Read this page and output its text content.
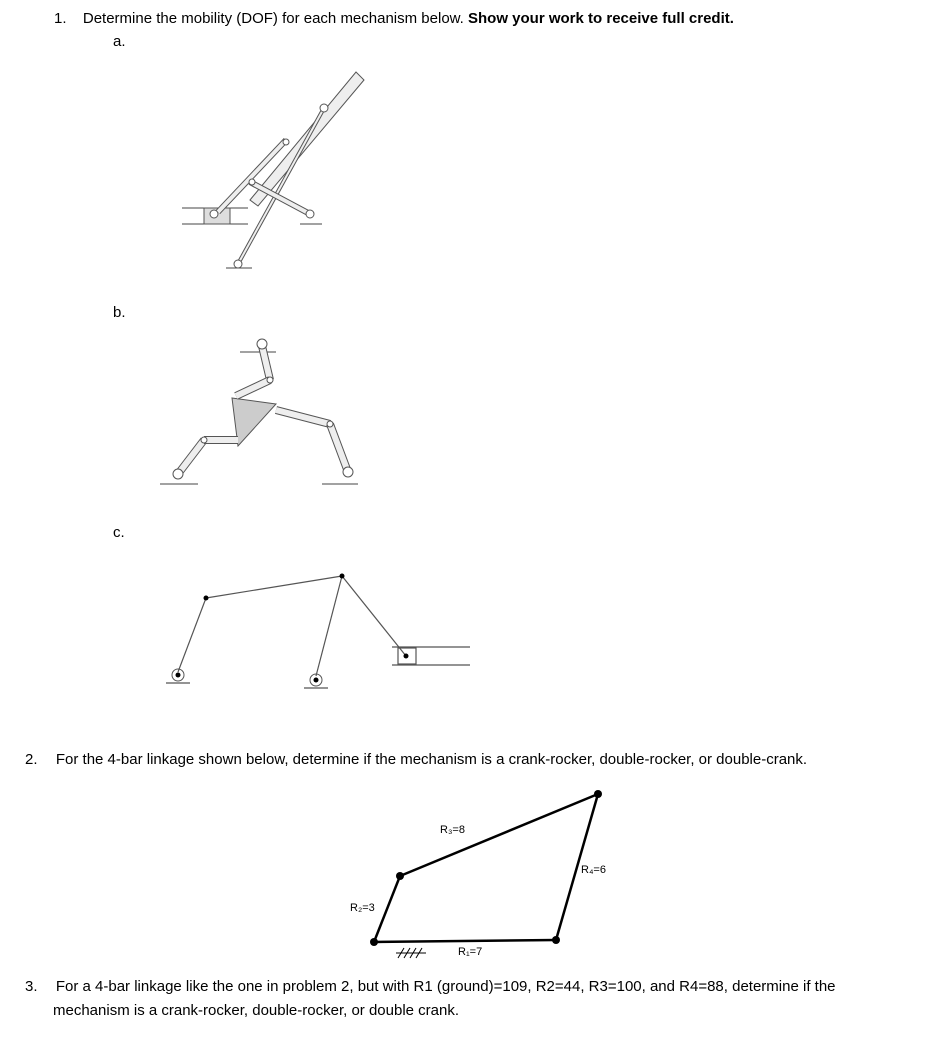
1. Determine the mobility (DOF) for each mechanism below. Show your work to receive full credit.
a.
b.
c.
2. For the 4-bar linkage shown below, determine if the mechanism is a crank-rocker, double-rocker, or double-crank.
R₃=8
R₄=6
R₂=3
R₁=7
3. For a 4-bar linkage like the one in problem 2, but with R1 (ground)=109, R2=44, R3=100, and R4=88, determine if the
mechanism is a crank-rocker, double-rocker, or double crank.
